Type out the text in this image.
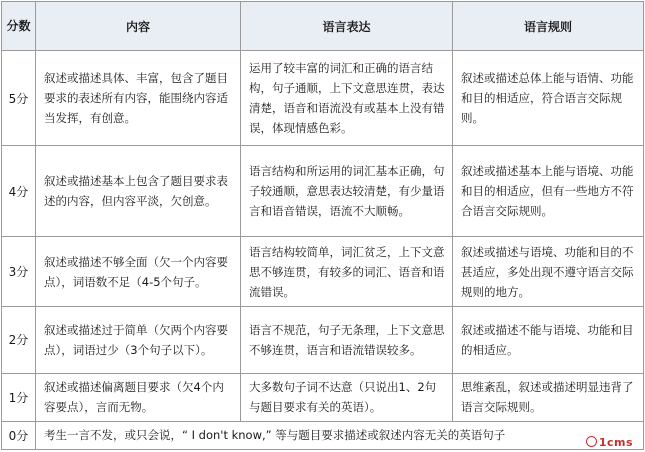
分数	内容	语言表达	语言规则
5分	叙述或描述具体、丰富，包含了题目要求的表述所有内容，能围绕内容适当发挥，有创意。	运用了较丰富的词汇和正确的语言结构，句子通顺，上下文意思连贯，表达清楚，语音和语流没有或基本上没有错误，体现情感色彩。	叙述或描述总体上能与语情、功能和目的相适应，符合语言交际规则。
4分	叙述或描述基本上包含了题目要求表述的内容，但内容平淡，欠创意。	语言结构和所运用的词汇基本正确，句子较通顺，意思表达较清楚，有少量语言和语音错误，语流不大顺畅。	叙述或描述基本上能与语境、功能和目的相适应，但有一些地方不符合语言交际规则。
3分	叙述或描述不够全面（欠一个内容要点），词语数不足（4-5个句子。	语言结构较简单，词汇贫乏，上下文意思不够连贯，有较多的词汇、语音和语流错误。	叙述或描述与语境、功能和目的不甚适应，多处出现不遵守语言交际规则的地方。
2分	叙述或描述过于简单（欠两个内容要点），词语过少（3个句子以下）。	语言不规范，句子无条理，上下文意思不够连贯，语言和语流错误较多。	叙述或描述不能与语境、功能和目的相适应。
1分	叙述或描述偏离题目要求（欠4个内容要点），言而无物。	大多数句子词不达意（只说出1、2句与题目要求有关的英语）。	思维紊乱，叙述或描述明显违背了语言交际规则。
0分	考生一言不发，或只会说，“ I don't know,” 等与题目要求描述或叙述内容无关的英语句子		
1cms
